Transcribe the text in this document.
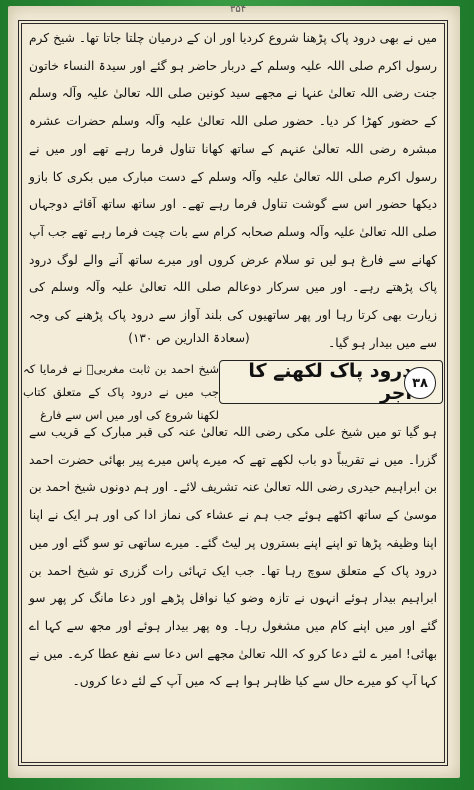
۳۵۴
میں نے بھی درود پاک پڑھنا شروع کردیا اور ان کے درمیان چلتا جاتا تھا۔ شیخ کرم رسول اکرم صلی اللہ علیہ وسلم کے دربار حاضر ہو گئے اور سیدۃ النساء خاتون جنت رضی اللہ تعالیٰ عنہا نے مجھے سید کونین صلی اللہ تعالیٰ علیہ وآلہ وسلم کے حضور کھڑا کر دیا۔ حضور صلی اللہ تعالیٰ علیہ وآلہ وسلم حضرات عشرہ مبشرہ رضی اللہ تعالیٰ عنہم کے ساتھ کھانا تناول فرما رہے تھے اور میں نے رسول اکرم صلی اللہ تعالیٰ علیہ وآلہ وسلم کے دست مبارک میں بکری کا بازو دیکھا حضور اس سے گوشت تناول فرما رہے تھے۔ اور ساتھ ساتھ آقائے دوجہاں صلی اللہ تعالیٰ علیہ وآلہ وسلم صحابہ کرام سے بات چیت فرما رہے تھے جب آپ کھانے سے فارغ ہو لیں تو سلام عرض کروں اور میرے ساتھ آنے والے لوگ درود پاک پڑھتے رہے۔ اور میں سرکار دوعالم صلی اللہ تعالیٰ علیہ وآلہ وسلم کی زیارت بھی کرتا رہا اور پھر ساتھیوں کی بلند آواز سے درود پاک پڑھنے کی وجہ سے میں بیدار ہو گیا۔
(سعادۃ الدارین ص ۱۳۰)
۳۸
درود پاک لکھنے کا اجر
شیخ احمد بن ثابت مغربیؒ نے فرمایا کہ جب میں نے درود پاک کے متعلق کتاب لکھنا شروع کی اور میں اس سے فارغ
ہو گیا تو میں شیخ علی مکی رضی اللہ تعالیٰ عنہ کی قبر مبارک کے قریب سے گزرا۔ میں نے تقریباً دو باب لکھے تھے کہ میرے پاس میرے پیر بھائی حضرت احمد بن ابراہیم حیدری رضی اللہ تعالیٰ عنہ تشریف لائے۔ اور ہم دونوں شیخ احمد بن موسیٰ کے ساتھ اکٹھے ہوئے جب ہم نے عشاء کی نماز ادا کی اور ہر ایک نے اپنا اپنا وظیفہ پڑھا تو اپنے اپنے بستروں پر لیٹ گئے۔ میرے ساتھی تو سو گئے اور میں درود پاک کے متعلق سوچ رہا تھا۔ جب ایک تہائی رات گزری تو شیخ احمد بن ابراہیم بیدار ہوئے انہوں نے تازہ وضو کیا نوافل پڑھے اور دعا مانگ کر پھر سو گئے اور میں اپنے کام میں مشغول رہا۔ وہ پھر بیدار ہوئے اور مجھ سے کہا اے بھائی! امیر ے لئے دعا کرو کہ اللہ تعالیٰ مجھے اس دعا سے نفع عطا کرے۔ میں نے کہا آپ کو میرے حال سے کیا ظاہر ہوا ہے کہ میں آپ کے لئے دعا کروں۔
